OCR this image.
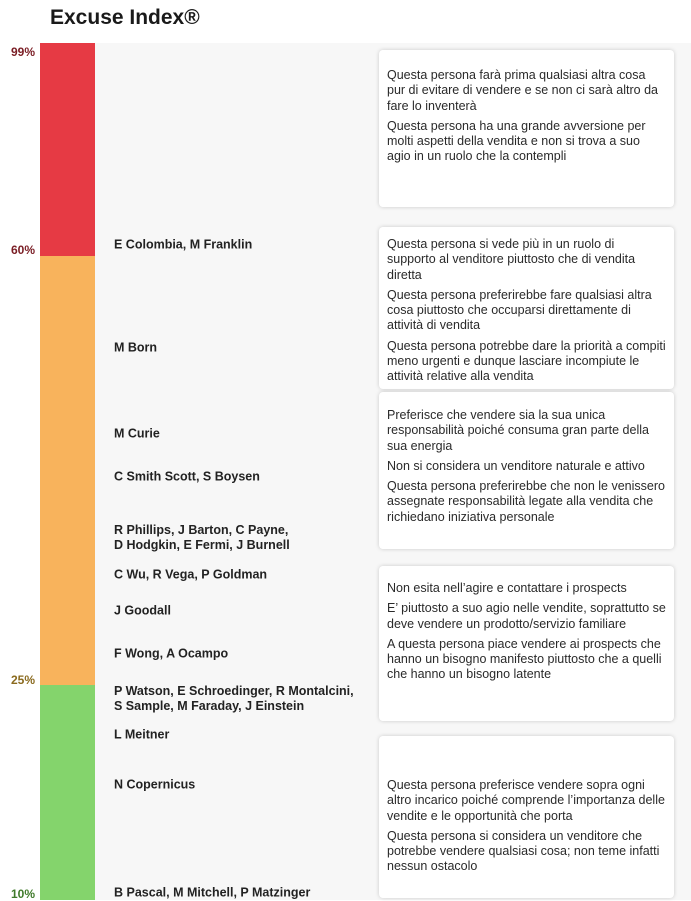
Excuse Index®
99%
60%
25%
10%
E Colombia, M Franklin
M Born
M Curie
C Smith Scott, S Boysen
R Phillips, J Barton, C Payne,
D Hodgkin, E Fermi, J Burnell
C Wu, R Vega, P Goldman
J Goodall
F Wong, A Ocampo
P Watson, E Schroedinger, R Montalcini,
S Sample, M Faraday, J Einstein
L Meitner
N Copernicus
B Pascal, M Mitchell, P Matzinger
Questa persona farà prima qualsiasi altra cosa pur di evitare di vendere e se non ci sarà altro da fare lo inventerà
Questa persona ha una grande avversione per molti aspetti della vendita e non si trova a suo agio in un ruolo che la contempli
Questa persona si vede più in un ruolo di supporto al venditore piuttosto che di vendita diretta
Questa persona preferirebbe fare qualsiasi altra cosa piuttosto che occuparsi direttamente di attività di vendita
Questa persona potrebbe dare la priorità a compiti meno urgenti e dunque lasciare incompiute le attività relative alla vendita
Preferisce che vendere sia la sua unica responsabilità poiché consuma gran parte della sua energia
Non si considera un venditore naturale e attivo
Questa persona preferirebbe che non le venissero assegnate responsabilità legate alla vendita che richiedano iniziativa personale
Non esita nell’agire e contattare i prospects
E’ piuttosto a suo agio nelle vendite, soprattutto se deve vendere un prodotto/servizio familiare
A questa persona piace vendere ai prospects che hanno un bisogno manifesto piuttosto che a quelli che hanno un bisogno latente
Questa persona preferisce vendere sopra ogni altro incarico poiché comprende l’importanza delle vendite e le opportunità che porta
Questa persona si considera un venditore che potrebbe vendere qualsiasi cosa; non teme infatti nessun ostacolo
